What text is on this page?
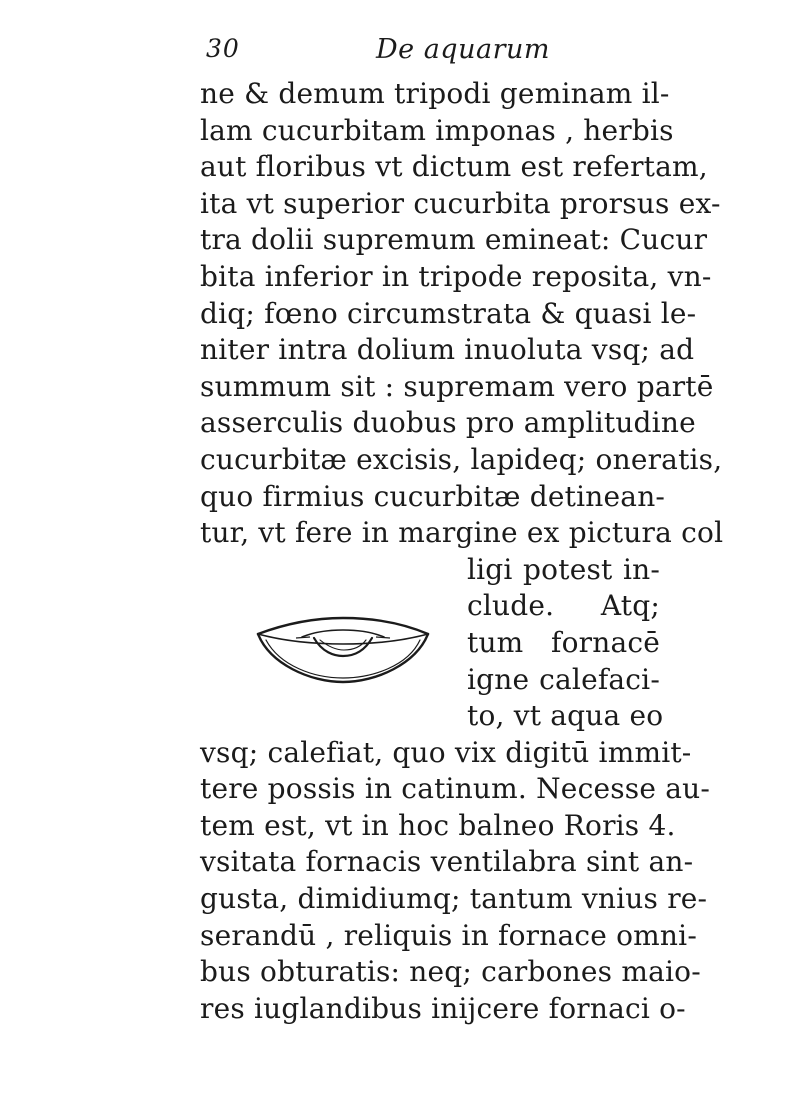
30	De aquarum
ne & demum tripodi geminam il-
lam cucurbitam imponas , herbis
aut floribus vt dictum est refertam,
ita vt superior cucurbita prorsus ex-
tra dolii supremum emineat: Cucur
bita inferior in tripode reposita, vn-
diq; fœno circumstrata & quasi le-
niter intra dolium inuoluta vsq; ad
summum sit : supremam vero partē
asserculis duobus pro amplitudine
cucurbitæ excisis, lapideq; oneratis,
quo firmius cucurbitæ detinean-
tur, vt fere in margine ex pictura col
ligi potest in-
clude. Atq;
tum fornacē
igne calefaci-
to, vt aqua eo
vsq; calefiat, quo vix digitū immit-
tere possis in catinum. Necesse au-
tem est, vt in hoc balneo Roris 4.
vsitata fornacis ventilabra sint an-
gusta, dimidiumq; tantum vnius re-
serandū , reliquis in fornace omni-
bus obturatis: neq; carbones maio-
res iuglandibus inijcere fornaci o-
